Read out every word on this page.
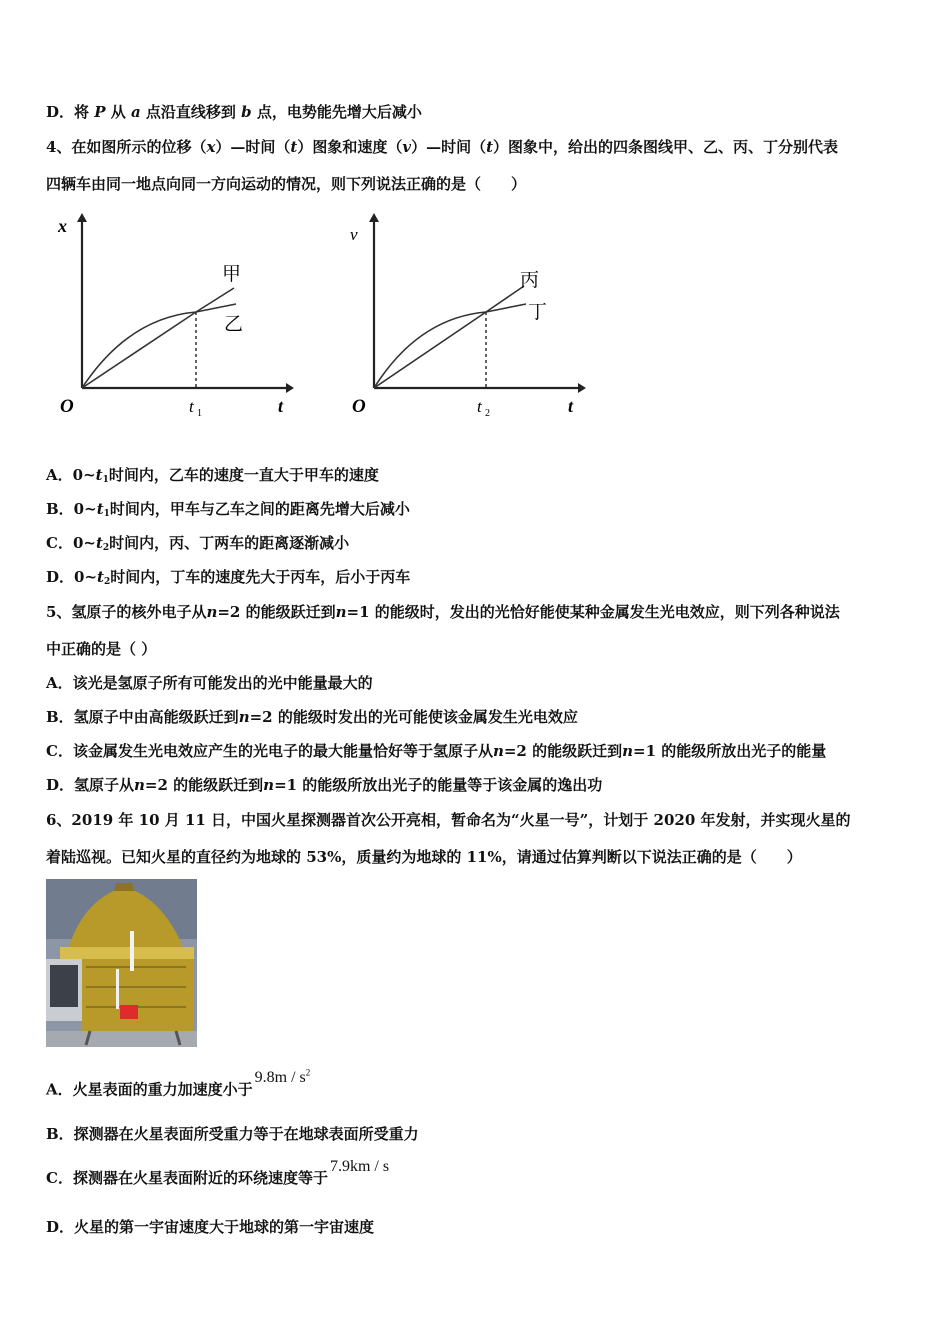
D．将 P 从 a 点沿直线移到 b 点，电势能先增大后减小
4、在如图所示的位移（x）—时间（t）图象和速度（v）—时间（t）图象中，给出的四条图线甲、乙、丙、丁分别代表
四辆车由同一地点向同一方向运动的情况，则下列说法正确的是（　　）
x
t
O
甲
乙
t 1
v
t
O
丙
丁
t 2
A．$0\sim t_1$时间内，乙车的速度一直大于甲车的速度
B．$0\sim t_1$时间内，甲车与乙车之间的距离先增大后减小
C．$0\sim t_2$时间内，丙、丁两车的距离逐渐减小
D．$0\sim t_2$时间内，丁车的速度先大于丙车，后小于丙车
5、氢原子的核外电子从n=2 的能级跃迁到n=1 的能级时，发出的光恰好能使某种金属发生光电效应，则下列各种说法
中正确的是（ ）
A．该光是氢原子所有可能发出的光中能量最大的
B．氢原子中由高能级跃迁到n=2 的能级时发出的光可能使该金属发生光电效应
C．该金属发生光电效应产生的光电子的最大能量恰好等于氢原子从n=2 的能级跃迁到n=1 的能级所放出光子的能量
D．氢原子从n=2 的能级跃迁到n=1 的能级所放出光子的能量等于该金属的逸出功
6、2019 年 10 月 11 日，中国火星探测器首次公开亮相，暂命名为“火星一号”，计划于 2020 年发射，并实现火星的
着陆巡视。已知火星的直径约为地球的 53%，质量约为地球的 11%，请通过估算判断以下说法正确的是（　　）
A．火星表面的重力加速度小于$9.8m / s^2$
B．探测器在火星表面所受重力等于在地球表面所受重力
C．探测器在火星表面附近的环绕速度等于7.9km / s
D．火星的第一宇宙速度大于地球的第一宇宙速度
